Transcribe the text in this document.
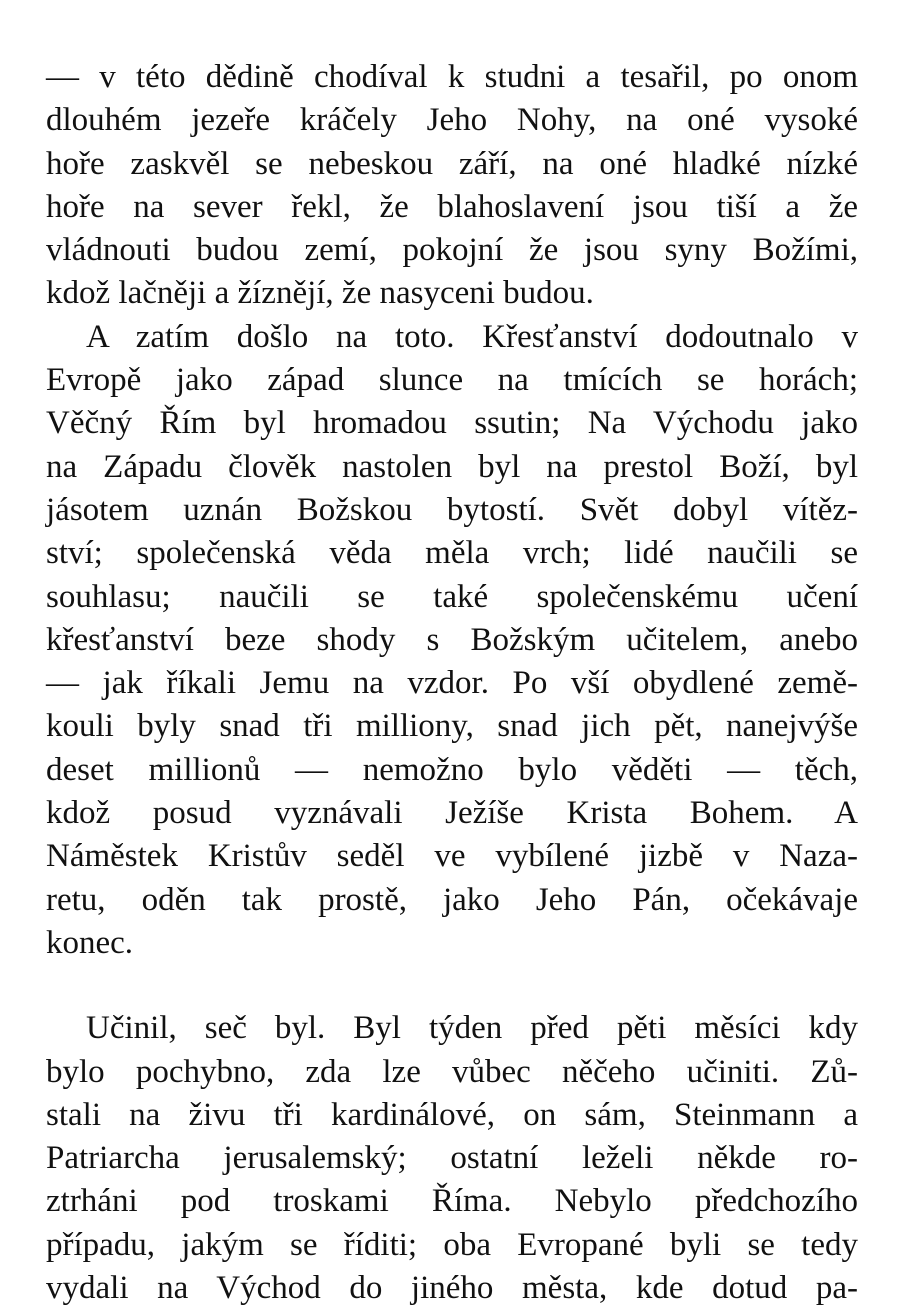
— v této dědině chodíval k studni a tesařil, po onom
dlouhém jezeře kráčely Jeho Nohy, na oné vysoké
hoře zaskvěl se nebeskou září, na oné hladké nízké
hoře na sever řekl, že blahoslavení jsou tiší a že
vládnouti budou zemí, pokojní že jsou syny Božími,
kdož lačněji a žíznějí, že nasyceni budou.

A zatím došlo na toto. Křesťanství dodoutnalo v
Evropě jako západ slunce na tmících se horách;
Věčný Řím byl hromadou ssutin; Na Východu jako
na Západu člověk nastolen byl na prestol Boží, byl
jásotem uznán Božskou bytostí. Svět dobyl vítěz-
ství; společenská věda měla vrch; lidé naučili se
souhlasu; naučili se také společenskému učení
křesťanství beze shody s Božským učitelem, anebo
— jak říkali Jemu na vzdor. Po vší obydlené země-
kouli byly snad tři milliony, snad jich pět, nanejvýše
deset millionů — nemožno bylo věděti — těch,
kdož posud vyznávali Ježíše Krista Bohem. A
Náměstek Kristův seděl ve vybílené jizbě v Naza-
retu, oděn tak prostě, jako Jeho Pán, očekávaje
konec.

Učinil, seč byl. Byl týden před pěti měsíci kdy
bylo pochybno, zda lze vůbec něčeho učiniti. Zů-
stali na živu tři kardinálové, on sám, Steinmann a
Patriarcha jerusalemský; ostatní leželi někde ro-
ztrháni pod troskami Říma. Nebylo předchozího
případu, jakým se říditi; oba Evropané byli se tedy
vydali na Východ do jiného města, kde dotud pa-
